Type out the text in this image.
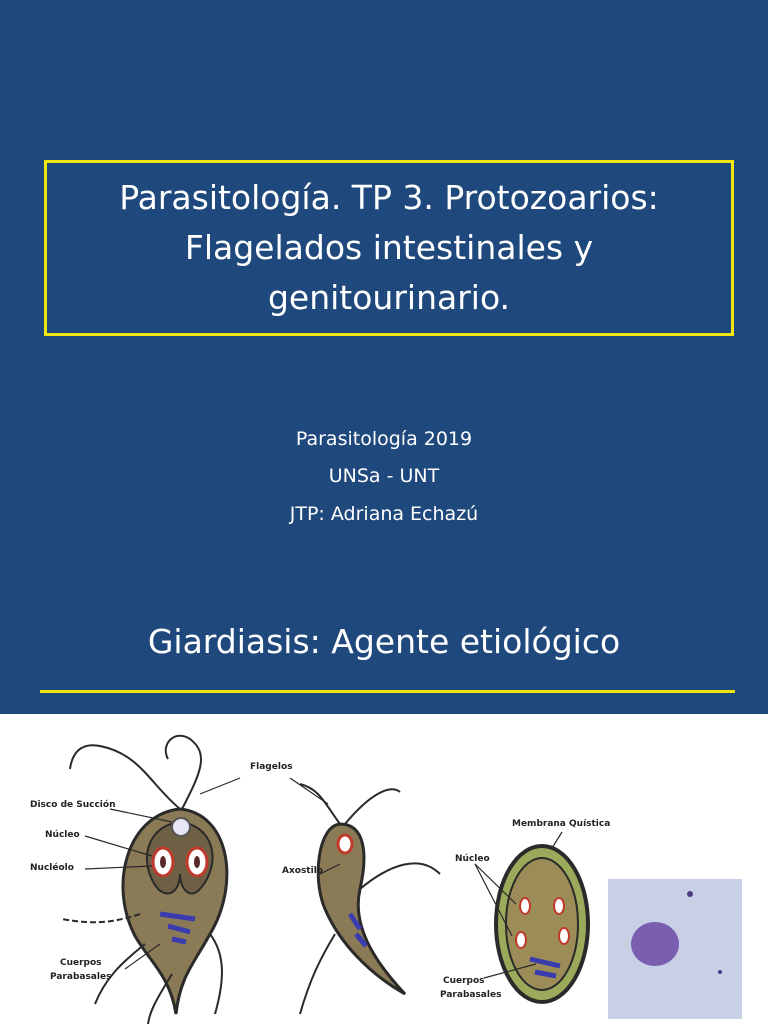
Parasitología. TP 3. Protozoarios:
Flagelados intestinales y
genitourinario.
Parasitología 2019
UNSa - UNT
JTP: Adriana Echazú
Giardiasis: Agente etiológico
Flagelos
Disco de Succión
Núcleo
Nucléolo	Axostilo
Cuerpos
Parabasales
Membrana Quística
Núcleo
Cuerpos
Parabasales
